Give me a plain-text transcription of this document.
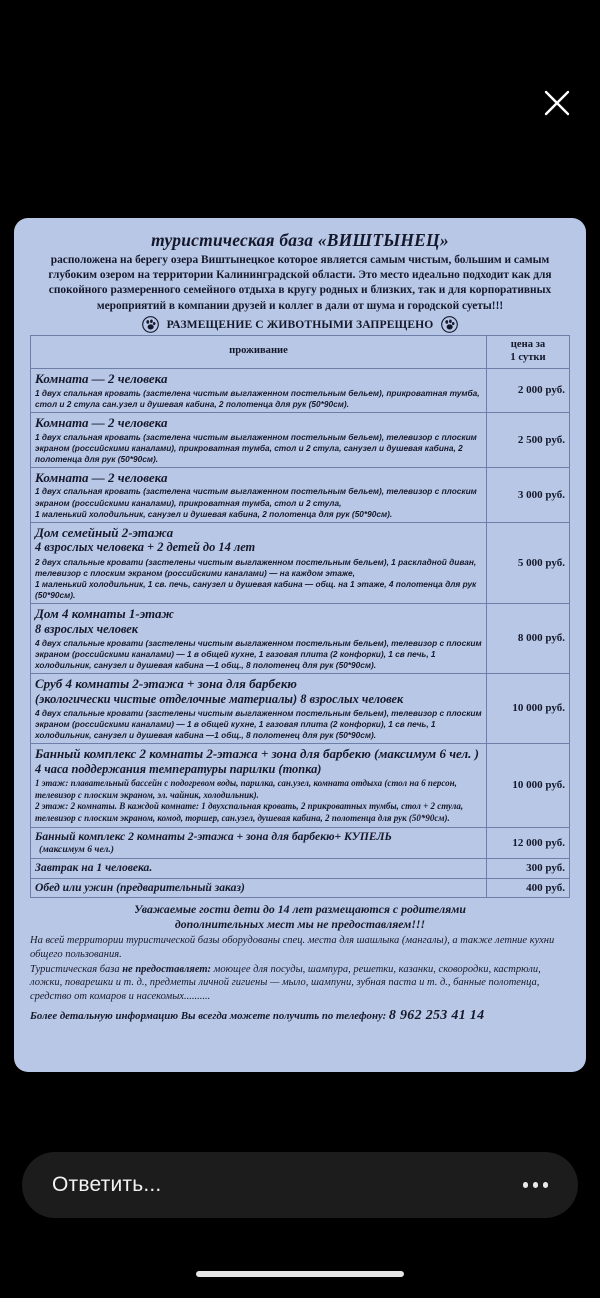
туристическая база «ВИШТЫНЕЦ»
расположена на берегу озера Виштынецкое которое является самым чистым, большим и самым глубоким озером на территории Калининградской области. Это место идеально подходит как для спокойного размеренного семейного отдыха в кругу родных и близких, так и для корпоративных мероприятий в компании друзей и коллег в дали от шума и городской суеты!!!
РАЗМЕЩЕНИЕ С ЖИВОТНЫМИ ЗАПРЕЩЕНО
проживание	цена за
1 сутки

Комната — 2 человека
1 двух спальная кровать (застелена чистым выглаженном постельным бельем), прикроватная тумба, стол и 2 стула сан.узел и душевая кабина, 2 полотенца для рук (50*90см).	2 000 руб.

Комната — 2 человека
1 двух спальная кровать (застелена чистым выглаженном постельным бельем), телевизор с плоским экраном (российскими каналами), прикроватная тумба, стол и 2 стула, санузел и душевая кабина, 2 полотенца для рук (50*90см).	2 500 руб.

Комната — 2 человека
1 двух спальная кровать (застелена чистым выглаженном постельным бельем), телевизор с плоским экраном (российскими каналами), прикроватная тумба, стол и 2 стула,
1 маленький холодильник, санузел и душевая кабина, 2 полотенца для рук (50*90см).	3 000 руб.

Дом семейный 2-этажа
4 взрослых человека + 2 детей до 14 лет
2 двух спальные кровати (застелены чистым выглаженном постельным бельем), 1 раскладной диван, телевизор с плоским экраном (российскими каналами) — на каждом этаже,
1 маленький холодильник, 1 св. печь, санузел и душевая кабина — общ. на 1 этаже, 4 полотенца для рук (50*90см).	5 000 руб.

Дом 4 комнаты 1-этаж
8 взрослых человек
4 двух спальные кровати (застелены чистым выглаженном постельным бельем), телевизор с плоским экраном (российскими каналами) — 1 в общей кухне, 1 газовая плита (2 конфорки), 1 св печь, 1 холодильник, санузел и душевая кабина —1 общ., 8 полотенец для рук (50*90см).	8 000 руб.

Сруб 4 комнаты 2-этажа + зона для барбекю
(экологически чистые отделочные материалы) 8 взрослых человек
4 двух спальные кровати (застелены чистым выглаженном постельным бельем), телевизор с плоским экраном (российскими каналами) — 1 в общей кухне, 1 газовая плита (2 конфорки), 1 св печь, 1 холодильник, санузел и душевая кабина —1 общ., 8 полотенец для рук (50*90см).	10 000 руб.

Банный комплекс 2 комнаты 2-этажа + зона для барбекю (максимум 6 чел. )
4 часа поддержания температуры парилки (топка)
1 этаж: плавательный бассейн с подогревом воды, парилка, сан.узел, комната отдыха (стол на 6 персон, телевизор с плоским экраном, эл. чайник, холодильник).
2 этаж: 2 комнаты. В каждой комнате: 1 двухспальная кровать, 2 прикроватных тумбы, стол + 2 стула, телевизор с плоским экраном, комод, торшер, сан.узел, душевая кабина, 2 полотенца для рук (50*90см).	10 000 руб.

Банный комплекс 2 комнаты 2-этажа + зона для барбекю+ КУПЕЛЬ
(максимум 6 чел.)	12 000 руб.

Завтрак на 1 человека.	300 руб.

Обед или ужин (предварительный заказ)	400 руб.
Уважаемые гости дети до 14 лет размещаются с родителями
дополнительных мест мы не предоставляем!!!
На всей территории туристической базы оборудованы спец. места для шашлыка (мангалы), а также летние кухни общего пользования.
Туристическая база не предоставляет: моющее для посуды, шампура, решетки, казанки, сковородки, кастрюли, ложки, поварешки и т. д., предметы личной гигиены — мыло, шампуни, зубная паста и т. д., банные полотенца, средство от комаров и насекомых..........
Более детальную информацию Вы всегда можете получить по телефону: 8 962 253 41 14
Ответить...
